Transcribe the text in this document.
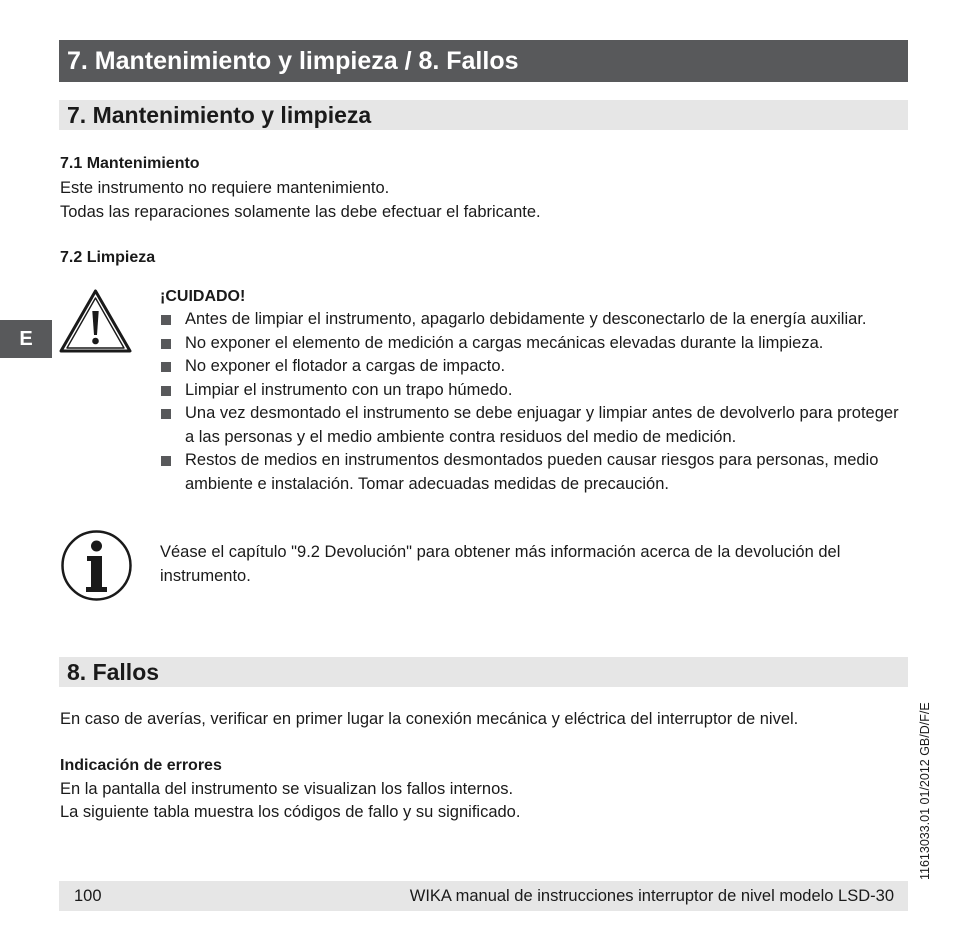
7. Mantenimiento y limpieza / 8. Fallos
7. Mantenimiento y limpieza
7.1 Mantenimiento
Este instrumento no requiere mantenimiento.
Todas las reparaciones solamente las debe efectuar el fabricante.
7.2 Limpieza
E
¡CUIDADO!
Antes de limpiar el instrumento, apagarlo debidamente y desconectarlo de la energía auxiliar.
No exponer el elemento de medición a cargas mecánicas elevadas durante la limpieza.
No exponer el flotador a cargas de impacto.
Limpiar el instrumento con un trapo húmedo.
Una vez desmontado el instrumento se debe enjuagar y limpiar antes de devolverlo para proteger a las personas y el medio ambiente contra residuos del medio de medición.
Restos de medios en instrumentos desmontados pueden causar riesgos para personas, medio ambiente e instalación. Tomar adecuadas medidas de precaución.
Véase el capítulo "9.2 Devolución" para obtener más información acerca de la devolución del instrumento.
8. Fallos
En caso de averías, verificar en primer lugar la conexión mecánica y eléctrica del interruptor de nivel.
Indicación de errores
En la pantalla del instrumento se visualizan los fallos internos.
La siguiente tabla muestra los códigos de fallo y su significado.	11613033.01 01/2012 GB/D/F/E
100	WIKA manual de instrucciones interruptor de nivel modelo LSD-30
